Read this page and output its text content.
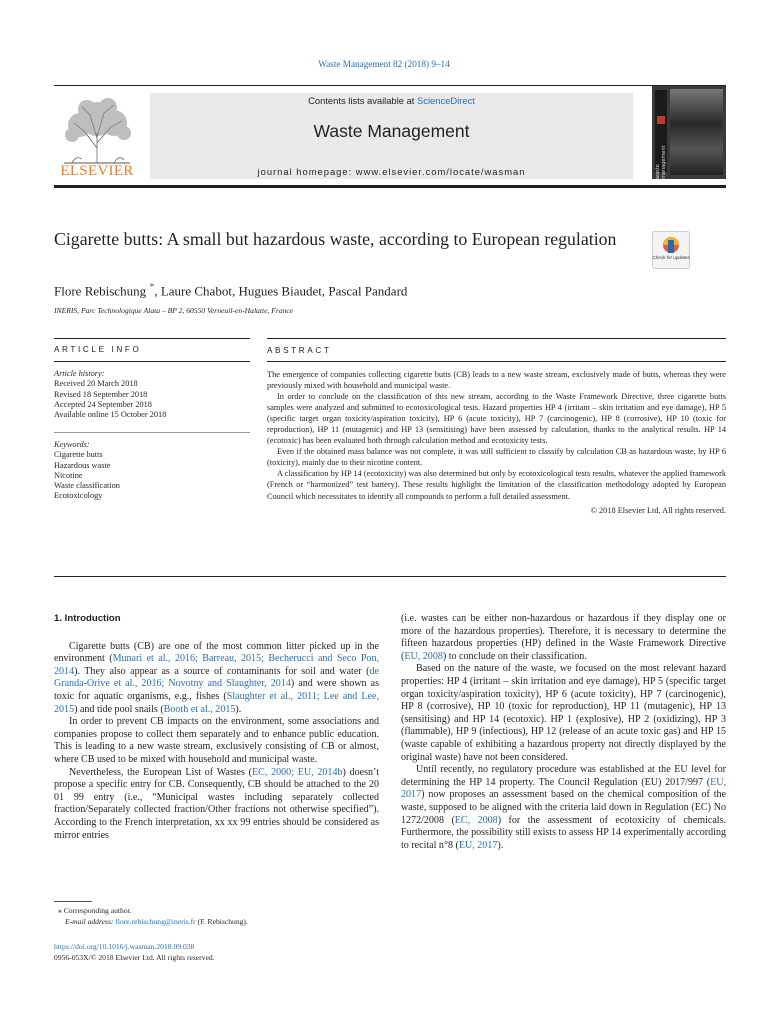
Waste Management 82 (2018) 9–14
ELSEVIER
Contents lists available at ScienceDirect
Waste Management
journal homepage: www.elsevier.com/locate/wasman	waste management
Cigarette butts: A small but hazardous waste, according to European regulation
Check for updates
Flore Rebischung *, Laure Chabot, Hugues Biaudet, Pascal Pandard
INERIS, Parc Technologique Alata – BP 2, 60550 Verneuil-en-Halatte, France
ARTICLE INFO	ABSTRACT
Article history:
Received 20 March 2018
Revised 18 September 2018
Accepted 24 September 2018
Available online 15 October 2018
Keywords:
Cigarette butts
Hazardous waste
Nicotine
Waste classification
Ecotoxicology

The emergence of companies collecting cigarette butts (CB) leads to a new waste stream, exclusively made of butts, whereas they were previously mixed with household and municipal waste.

In order to conclude on the classification of this new stream, according to the Waste Framework Directive, three cigarette butts samples were analyzed and submitted to ecotoxicological tests. Hazard properties HP 4 (irritant – skin irritation and eye damage), HP 5 (specific target organ toxicity/aspiration toxicity), HP 6 (acute toxicity), HP 7 (carcinogenic), HP 8 (corrosive), HP 10 (toxic for reproduction), HP 11 (mutagenic) and HP 13 (sensitising) have been assessed by calculation, thanks to the analytical results. HP 14 (ecotoxic) has been evaluated both through calculation method and ecotoxicity tests.

Even if the obtained mass balance was not complete, it was still sufficient to classify by calculation CB as hazardous waste, by HP 6 (toxicity), mainly due to their nicotine content.

A classification by HP 14 (ecotoxicity) was also determined but only by ecotoxicological tests results, whatever the applied framework (French or “harmonized” test battery). These results highlight the limitation of the classification methodology adopted by European Council which necessitates to identify all compounds to perform a full detailed assessment.

© 2018 Elsevier Ltd. All rights reserved.
1. Introduction

Cigarette butts (CB) are one of the most common litter picked up in the environment (Munari et al., 2016; Barreau, 2015; Becherucci and Seco Pon, 2014). They also appear as a source of contaminants for soil and water (de Granda-Orive et al., 2016; Novotny and Slaughter, 2014) and were shown as toxic for aquatic organisms, e.g., fishes (Slaughter et al., 2011; Lee and Lee, 2015) and tide pool snails (Booth et al., 2015).

In order to prevent CB impacts on the environment, some associations and companies propose to collect them separately and to enhance public education. This is leading to a new waste stream, exclusively consisting of CB or almost, where CB used to be mixed with household and municipal waste.

Nevertheless, the European List of Wastes (EC, 2000; EU, 2014b) doesn’t propose a specific entry for CB. Consequently, CB should be attached to the 20 01 99 entry (i.e., “Municipal wastes including separately collected fraction/Separately collected fraction/Other fractions not otherwise specified”). According to the French interpretation, xx xx 99 entries should be considered as mirror entries

(i.e. wastes can be either non-hazardous or hazardous if they display one or more of the hazardous properties). Therefore, it is necessary to determine the fifteen hazardous properties (HP) defined in the Waste Framework Directive (EU, 2008) to conclude on their classification.

Based on the nature of the waste, we focused on the most relevant hazard properties: HP 4 (irritant – skin irritation and eye damage), HP 5 (specific target organ toxicity/aspiration toxicity), HP 6 (acute toxicity), HP 7 (carcinogenic), HP 8 (corrosive), HP 10 (toxic for reproduction), HP 11 (mutagenic), HP 13 (sensitising) and HP 14 (ecotoxic). HP 1 (explosive), HP 2 (oxidizing), HP 3 (flammable), HP 9 (infectious), HP 12 (release of an acute toxic gas) and HP 15 (waste capable of exhibiting a hazardous property not directly displayed by the original waste) have not been considered.

Until recently, no regulatory procedure was established at the EU level for determining the HP 14 property. The Council Regulation (EU) 2017/997 (EU, 2017) now proposes an assessment based on the chemical composition of the waste, supposed to be aligned with the criteria laid down in Regulation (EC) No 1272/2008 (EC, 2008) for the assessment of ecotoxicity of chemicals. Furthermore, the possibility still exists to assess HP 14 experimentally according to recital n°8 (EU, 2017).

⁎ Corresponding author.
E-mail address: flore.rebischung@ineris.fr (F. Rebischung).
https://doi.org/10.1016/j.wasman.2018.09.038
0956-053X/© 2018 Elsevier Ltd. All rights reserved.
